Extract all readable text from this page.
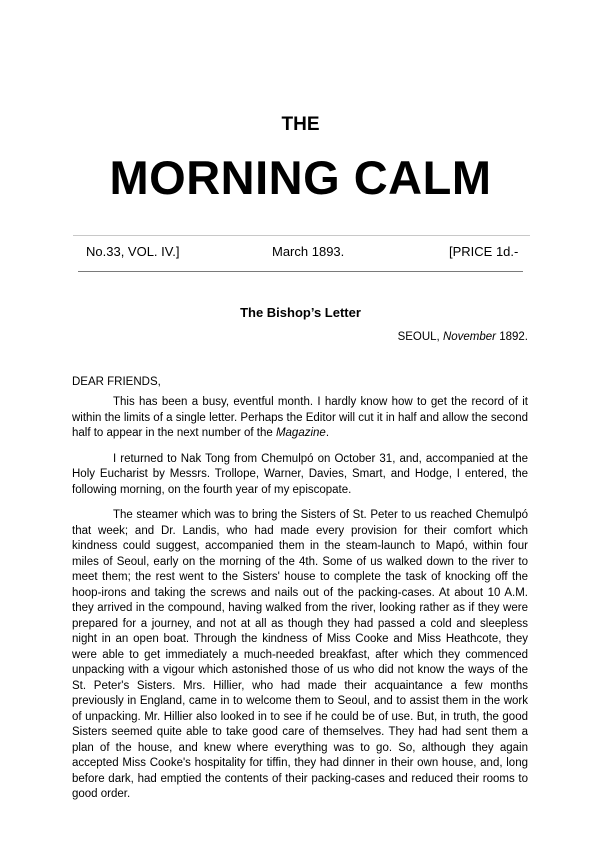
THE
MORNING CALM
No.33, VOL. IV.]	March 1893.	[PRICE 1d.-
The Bishop’s Letter
SEOUL, November 1892.
DEAR FRIENDS,

This has been a busy, eventful month. I hardly know how to get the record of it within the limits of a single letter. Perhaps the Editor will cut it in half and allow the second half to appear in the next number of the Magazine.

I returned to Nak Tong from Chemulpó on October 31, and, accompanied at the Holy Eucharist by Messrs. Trollope, Warner, Davies, Smart, and Hodge, I entered, the following morning, on the fourth year of my episcopate.

The steamer which was to bring the Sisters of St. Peter to us reached Chemulpó that week; and Dr. Landis, who had made every provision for their comfort which kindness could suggest, accompanied them in the steam-launch to Mapó, within four miles of Seoul, early on the morning of the 4th. Some of us walked down to the river to meet them; the rest went to the Sisters' house to complete the task of knocking off the hoop-irons and taking the screws and nails out of the packing-cases. At about 10 A.M. they arrived in the compound, having walked from the river, looking rather as if they were prepared for a journey, and not at all as though they had passed a cold and sleepless night in an open boat. Through the kindness of Miss Cooke and Miss Heathcote, they were able to get immediately a much-needed breakfast, after which they commenced unpacking with a vigour which astonished those of us who did not know the ways of the St. Peter's Sisters. Mrs. Hillier, who had made their acquaintance a few months previously in England, came in to welcome them to Seoul, and to assist them in the work of unpacking. Mr. Hillier also looked in to see if he could be of use. But, in truth, the good Sisters seemed quite able to take good care of themselves. They had had sent them a plan of the house, and knew where everything was to go. So, although they again accepted Miss Cooke's hospitality for tiffin, they had dinner in their own house, and, long before dark, had emptied the contents of their packing-cases and reduced their rooms to good order.
